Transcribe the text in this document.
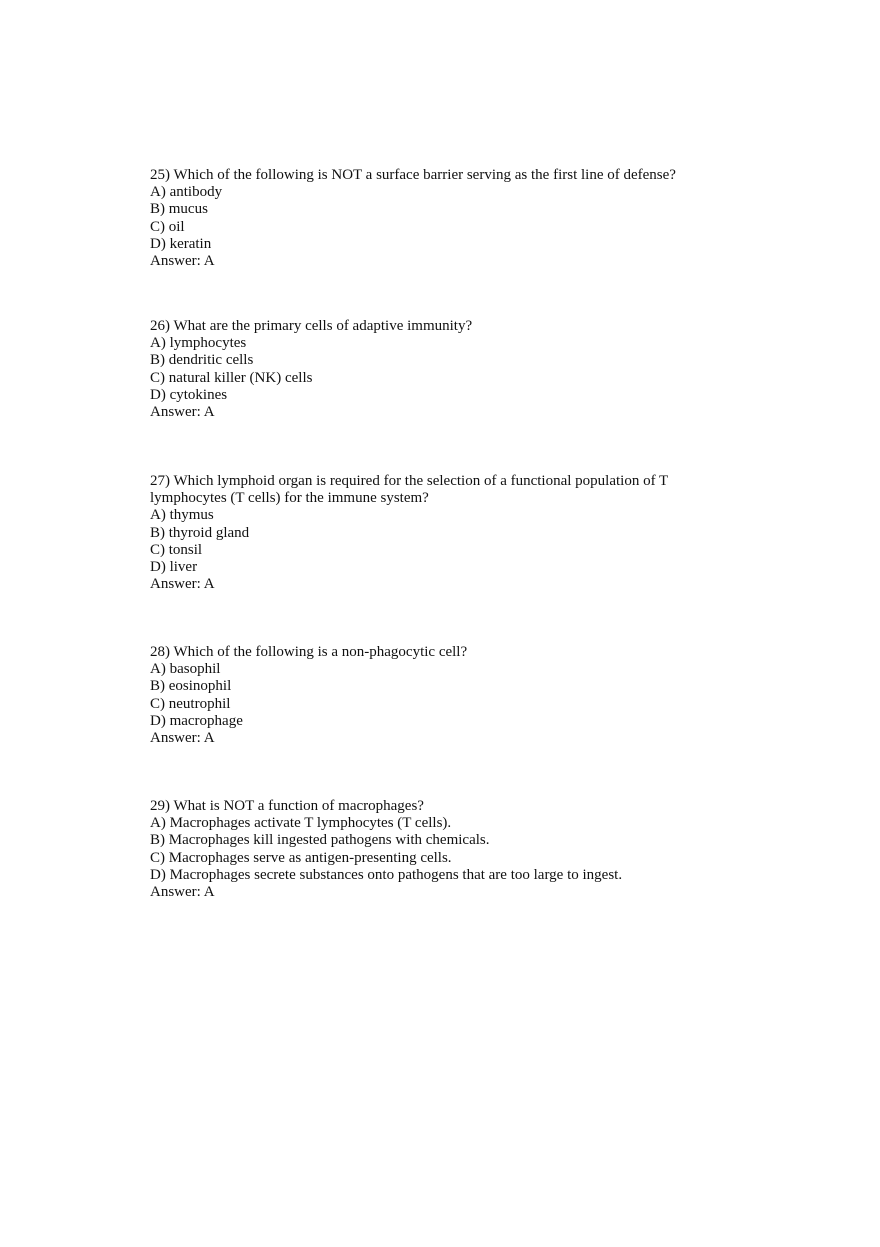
25) Which of the following is NOT a surface barrier serving as the first line of defense?
A) antibody
B) mucus
C) oil
D) keratin
Answer: A
26) What are the primary cells of adaptive immunity?
A) lymphocytes
B) dendritic cells
C) natural killer (NK) cells
D) cytokines
Answer: A
27) Which lymphoid organ is required for the selection of a functional population of T
lymphocytes (T cells) for the immune system?
A) thymus
B) thyroid gland
C) tonsil
D) liver
Answer: A
28) Which of the following is a non-phagocytic cell?
A) basophil
B) eosinophil
C) neutrophil
D) macrophage
Answer: A
29) What is NOT a function of macrophages?
A) Macrophages activate T lymphocytes (T cells).
B) Macrophages kill ingested pathogens with chemicals.
C) Macrophages serve as antigen-presenting cells.
D) Macrophages secrete substances onto pathogens that are too large to ingest.
Answer: A
